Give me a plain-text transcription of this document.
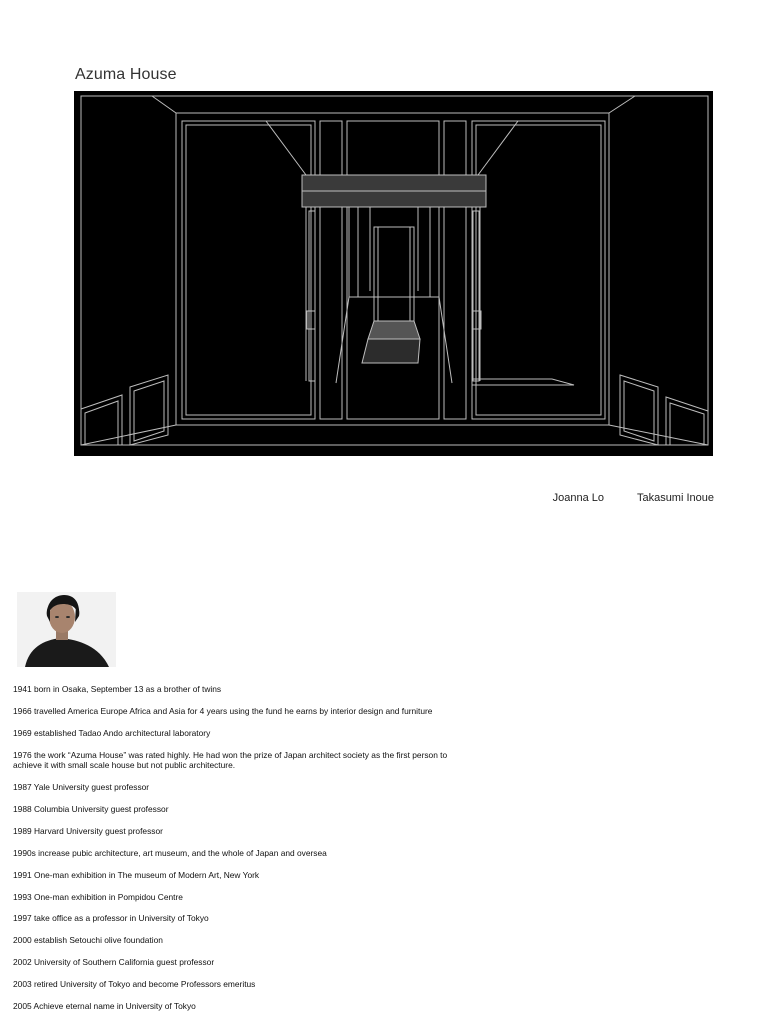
Azuma House
Joanna Lo	Takasumi Inoue
1941 born in Osaka, September 13 as a brother of twins
1966 travelled America Europe Africa and Asia for 4 years using the fund he earns by interior design and furniture
1969 established Tadao Ando architectural laboratory
1976 the work “Azuma House” was rated highly. He had won the prize of Japan architect society as the first person to achieve it with small scale house but not public architecture.
1987 Yale University guest professor
1988 Columbia University guest professor
1989 Harvard University guest professor
1990s increase pubic architecture, art museum, and the whole of Japan and oversea
1991 One-man exhibition in The museum of Modern Art, New York
1993 One-man exhibition in Pompidou Centre
1997 take office as a professor in University of Tokyo
2000 establish Setouchi olive foundation
2002 University of Southern California guest professor
2003 retired University of Tokyo and become Professors emeritus
2005 Achieve eternal name in University of Tokyo
